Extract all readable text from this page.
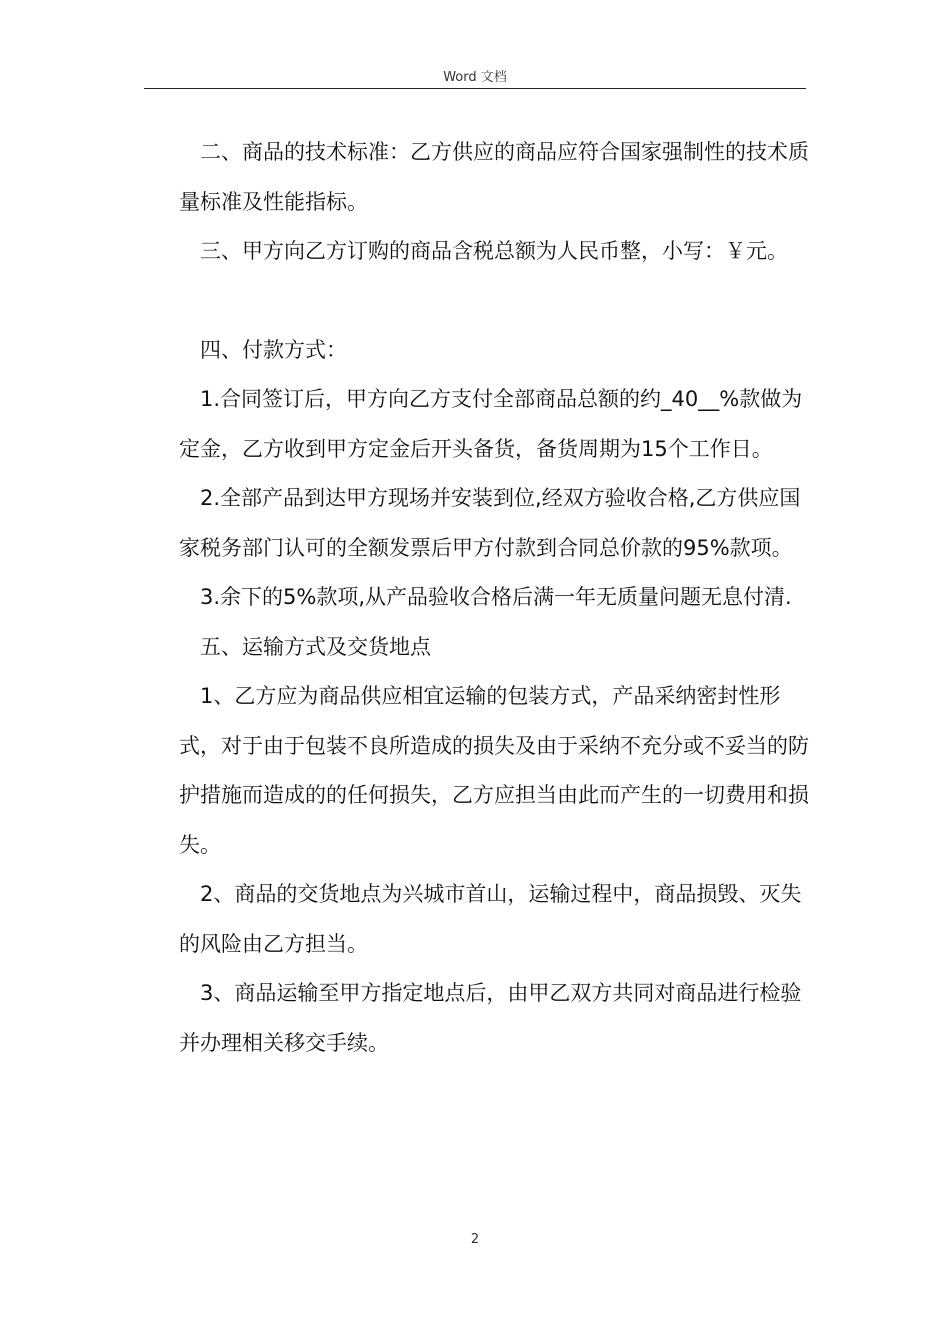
Word 文档

二、商品的技术标准：乙方供应的商品应符合国家强制性的技术质量标准及性能指标。

三、甲方向乙方订购的商品含税总额为人民币整，小写：￥元。

四、付款方式：

1.合同签订后，甲方向乙方支付全部商品总额的约_40__%款做为定金，乙方收到甲方定金后开头备货，备货周期为15个工作日。

2.全部产品到达甲方现场并安装到位,经双方验收合格,乙方供应国家税务部门认可的全额发票后甲方付款到合同总价款的95%款项。

3.余下的5%款项,从产品验收合格后满一年无质量问题无息付清.

五、运输方式及交货地点

1、乙方应为商品供应相宜运输的包装方式，产品采纳密封性形式，对于由于包装不良所造成的损失及由于采纳不充分或不妥当的防护措施而造成的的任何损失，乙方应担当由此而产生的一切费用和损失。

2、商品的交货地点为兴城市首山，运输过程中，商品损毁、灭失的风险由乙方担当。

3、商品运输至甲方指定地点后，由甲乙双方共同对商品进行检验并办理相关移交手续。

2
